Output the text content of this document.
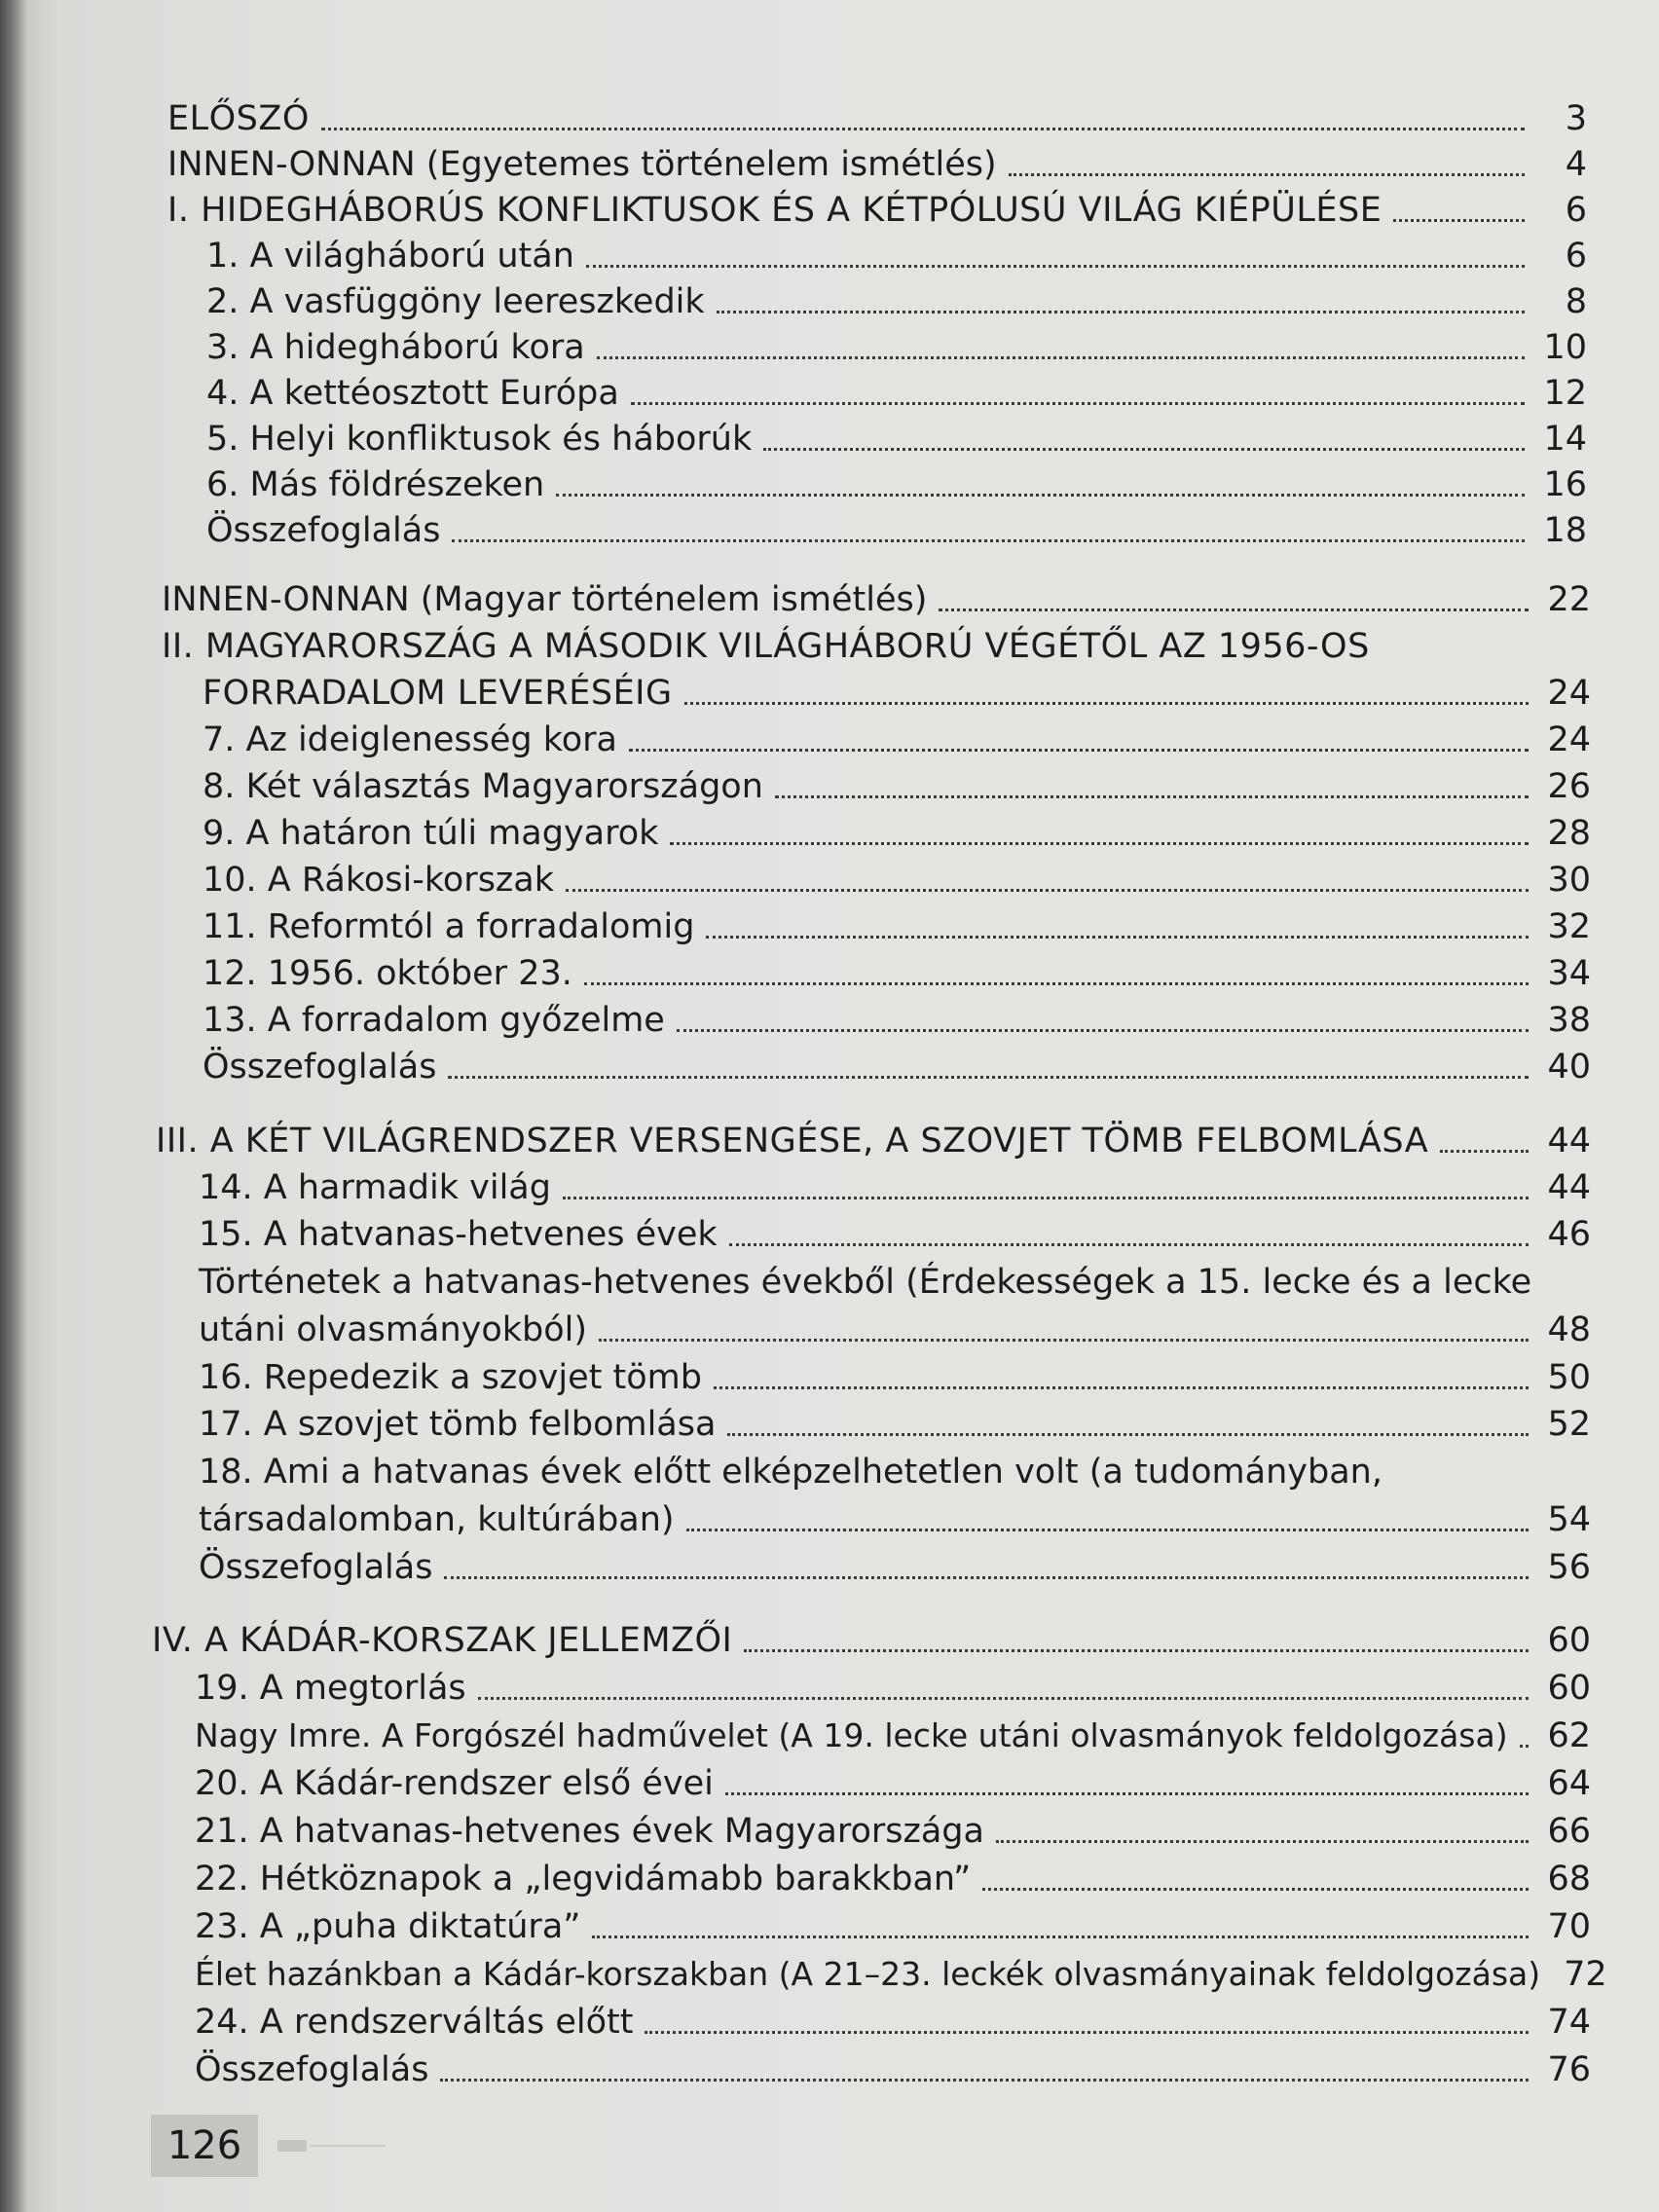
ELŐSZÓ	3
INNEN-ONNAN (Egyetemes történelem ismétlés)	4
I. HIDEGHÁBORÚS KONFLIKTUSOK ÉS A KÉTPÓLUSÚ VILÁG KIÉPÜLÉSE	6
1. A világháború után	6
2. A vasfüggöny leereszkedik	8
3. A hidegháború kora	10
4. A kettéosztott Európa	12
5. Helyi konfliktusok és háborúk	14
6. Más földrészeken	16
Összefoglalás	18
INNEN-ONNAN (Magyar történelem ismétlés)	22
II. MAGYARORSZÁG A MÁSODIK VILÁGHÁBORÚ VÉGÉTŐL AZ 1956-OS
FORRADALOM LEVERÉSÉIG	24
7. Az ideiglenesség kora	24
8. Két választás Magyarországon	26
9. A határon túli magyarok	28
10. A Rákosi-korszak	30
11. Reformtól a forradalomig	32
12. 1956. október 23.	34
13. A forradalom győzelme	38
Összefoglalás	40
III. A KÉT VILÁGRENDSZER VERSENGÉSE, A SZOVJET TÖMB FELBOMLÁSA	44
14. A harmadik világ	44
15. A hatvanas-hetvenes évek	46
Történetek a hatvanas-hetvenes évekből (Érdekességek a 15. lecke és a lecke
utáni olvasmányokból)	48
16. Repedezik a szovjet tömb	50
17. A szovjet tömb felbomlása	52
18. Ami a hatvanas évek előtt elképzelhetetlen volt (a tudományban,
társadalomban, kultúrában)	54
Összefoglalás	56
IV. A KÁDÁR-KORSZAK JELLEMZŐI	60
19. A megtorlás	60
Nagy Imre. A Forgószél hadművelet (A 19. lecke utáni olvasmányok feldolgozása) 62
20. A Kádár-rendszer első évei	64
21. A hatvanas-hetvenes évek Magyarországa	66
22. Hétköznapok a „legvidámabb barakkban”	68
23. A „puha diktatúra”	70
Élet hazánkban a Kádár-korszakban (A 21–23. leckék olvasmányainak feldolgozása) 72
24. A rendszerváltás előtt	74
Összefoglalás	76
126
